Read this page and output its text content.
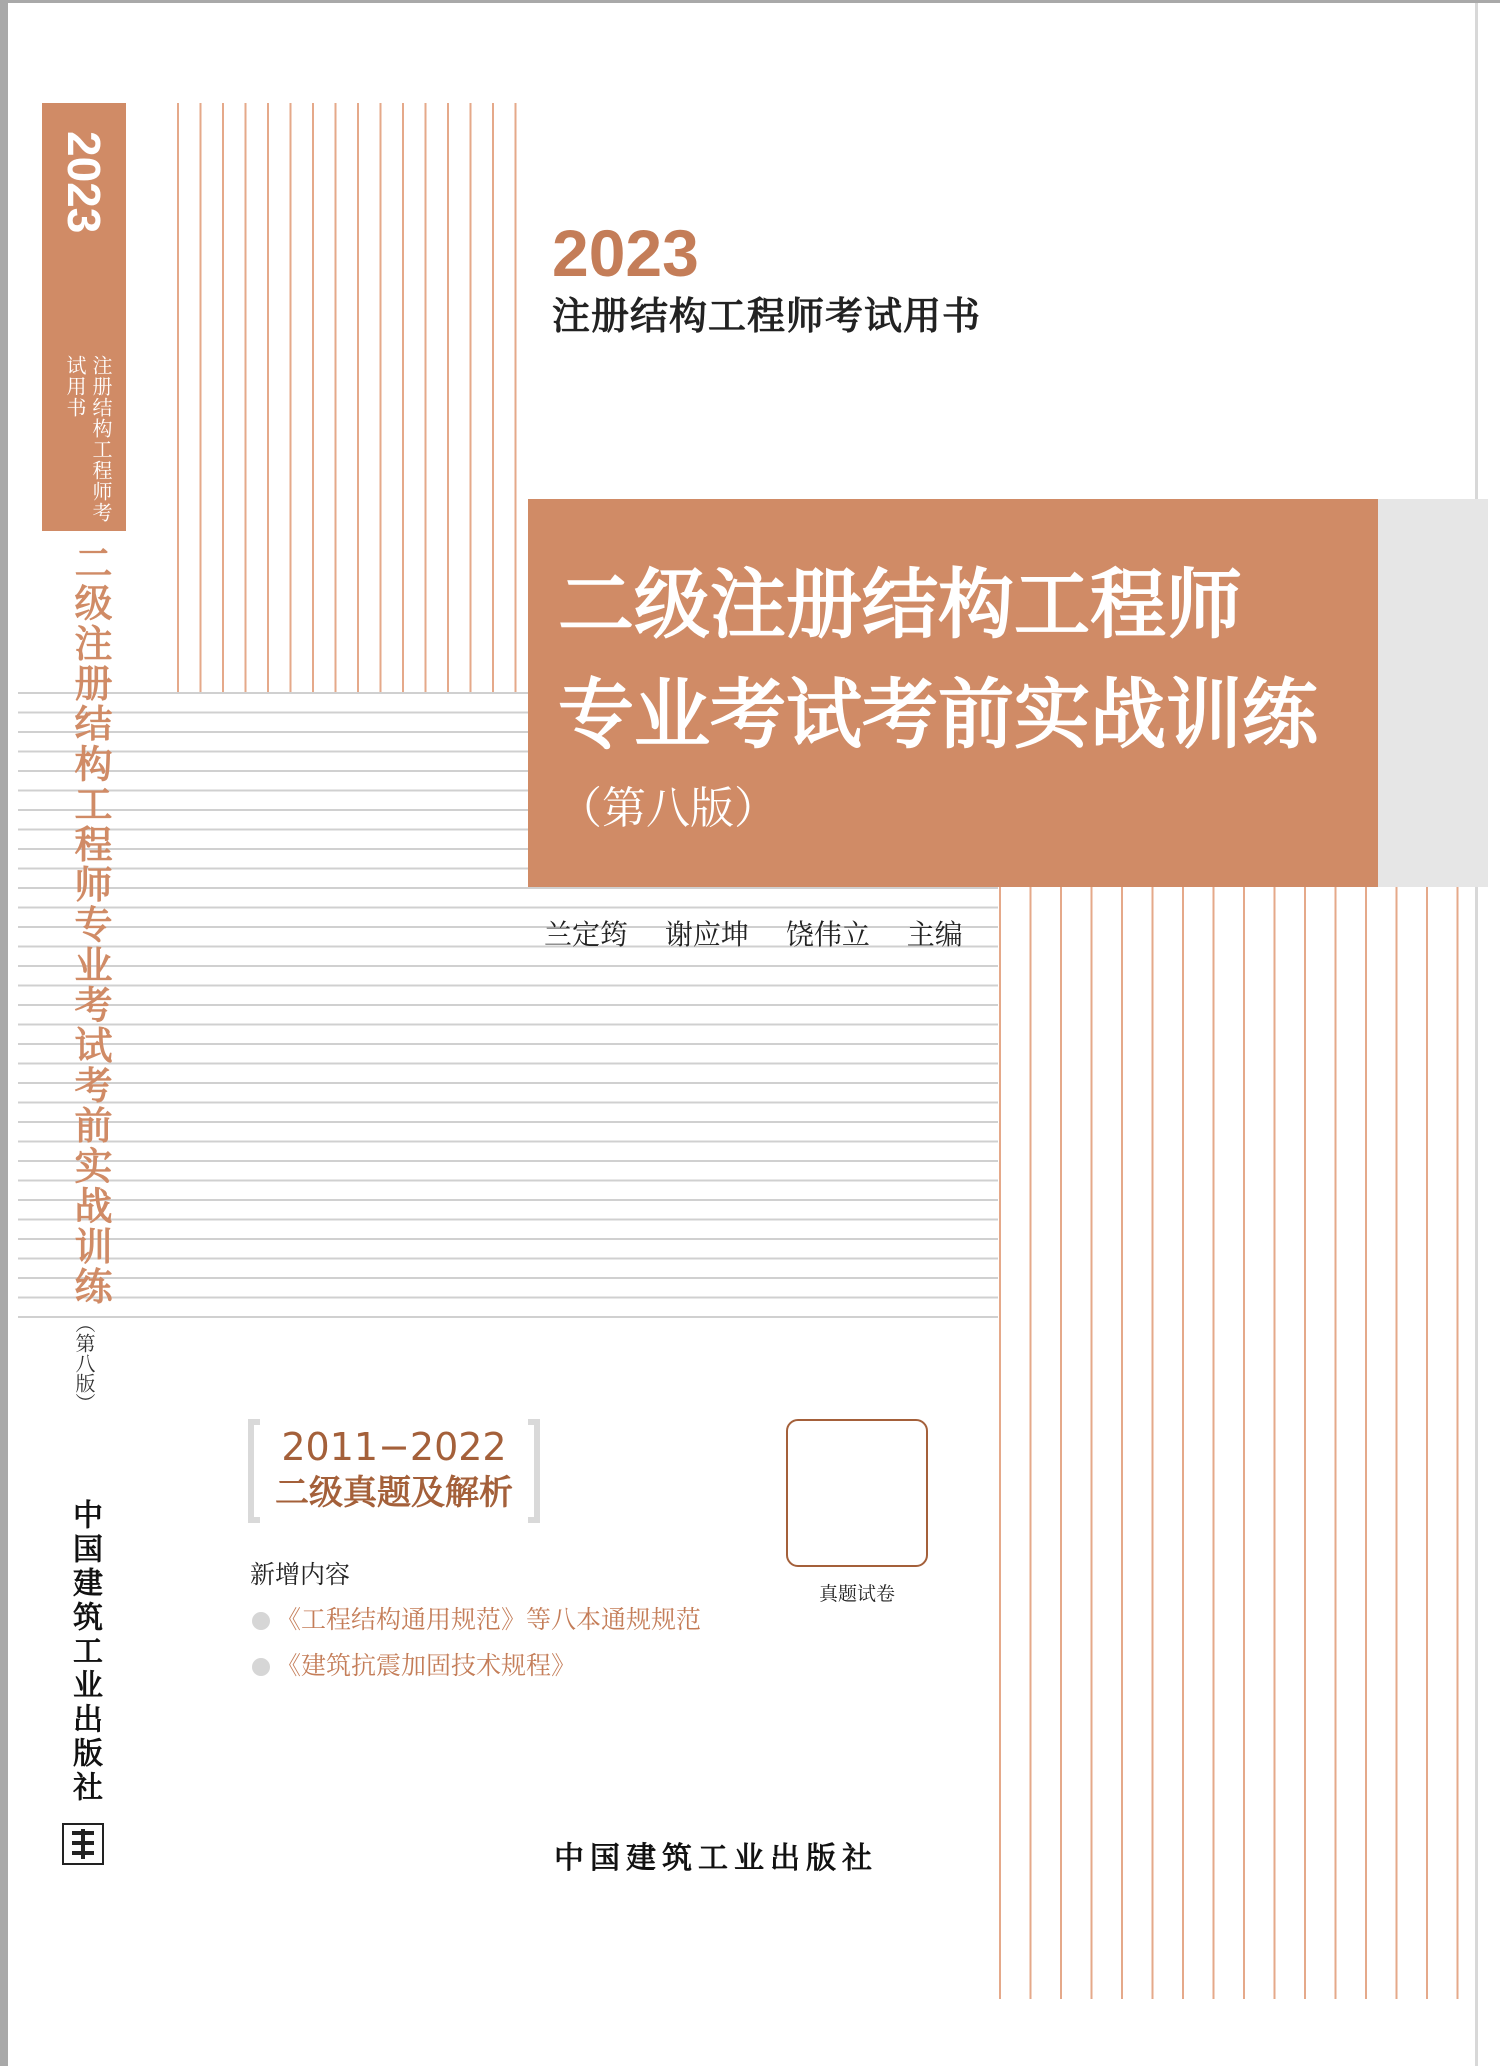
2023
注册结构工程师考试用书
二级注册结构工程师专业考试考前实战训练
（第八版）
中国建筑工业出版社
2023
注册结构工程师考试用书
二级注册结构工程师
专业考试考前实战训练
（第八版）
兰定筠 谢应坤 饶伟立 主编
2011−2022
二级真题及解析
新增内容
《工程结构通用规范》等八本通规规范
《建筑抗震加固技术规程》
真题试卷
中国建筑工业出版社
